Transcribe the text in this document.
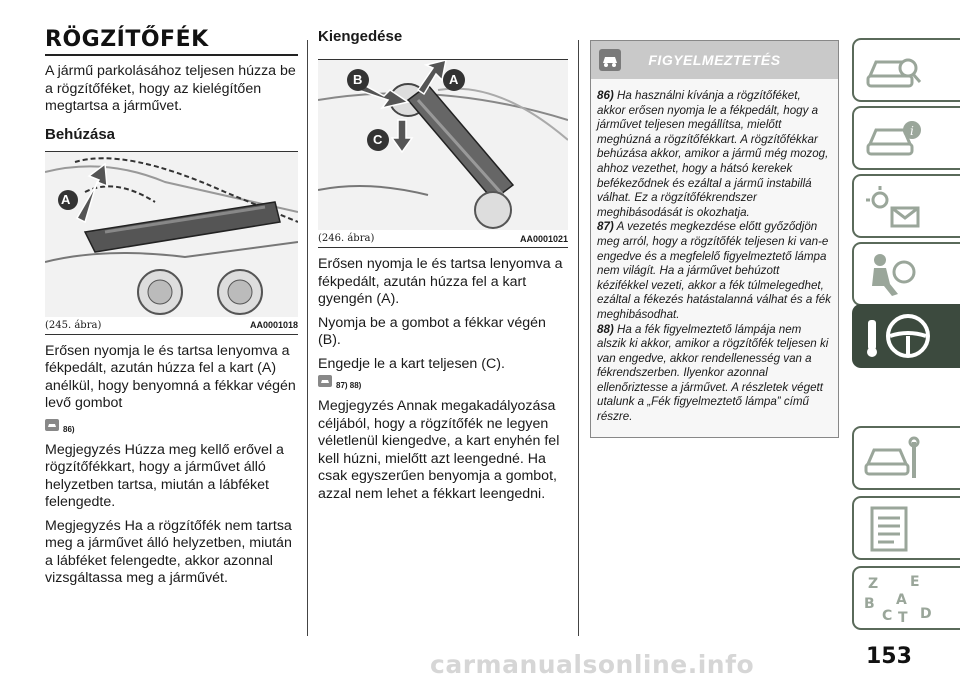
RÖGZÍTŐFÉK

A jármű parkolásához teljesen húzza be a rögzítőféket, hogy az kielégítően megtartsa a járművet.

Behúzása
A
(245. ábra)	AA0001018

Erősen nyomja le és tartsa lenyomva a fékpedált, azután húzza fel a kart (A) anélkül, hogy benyomná a fékkar végén levő gombot

86)

Megjegyzés Húzza meg kellő erővel a rögzítőfékkart, hogy a járművet álló helyzetben tartsa, miután a lábféket felengedte.

Megjegyzés Ha a rögzítőfék nem tartsa meg a járművet álló helyzetben, miután a lábféket felengedte, akkor azonnal vizsgáltassa meg a járművét.

Kiengedése
B	A
C
(246. ábra)	AA0001021

Erősen nyomja le és tartsa lenyomva a fékpedált, azután húzza fel a kart gyengén (A).

Nyomja be a gombot a fékkar végén (B).

Engedje le a kart teljesen (C).

87) 88)

Megjegyzés Annak megakadályozása céljából, hogy a rögzítőfék ne legyen véletlenül kiengedve, a kart enyhén fel kell húzni, mielőtt azt leengedné. Ha csak egyszerűen benyomja a gombot, azzal nem lehet a fékkart leengedni.

FIGYELMEZTETÉS
86) Ha használni kívánja a rögzítőféket, akkor erősen nyomja le a fékpedált, hogy a járművet teljesen megállítsa, mielőtt meghúzná a rögzítőfékkart. A rögzítőfékkar behúzása akkor, amikor a jármű még mozog, ahhoz vezethet, hogy a hátsó kerekek befékeződnek és ezáltal a jármű instabillá válhat. Ez a rögzítőfékrendszer meghibásodását is okozhatja.
87) A vezetés megkezdése előtt győződjön meg arról, hogy a rögzítőfék teljesen ki van-e engedve és a megfelelő figyelmeztető lámpa nem világít. Ha a járművet behúzott kézifékkel vezeti, akkor a fék túlmelegedhet, ezáltal a fékezés hatástalanná válhat és a fék meghibásodhat.
88) Ha a fék figyelmeztető lámpája nem alszik ki akkor, amikor a rögzítőfék teljesen ki van engedve, akkor rendellenesség van a fékrendszerben. Ilyenkor azonnal ellenőriztesse a járművet. A részletek végett utalunk a „Fék figyelmeztető lámpa” című részre.
i
Z E
A
B
C T D
153
carmanualsonline.info
